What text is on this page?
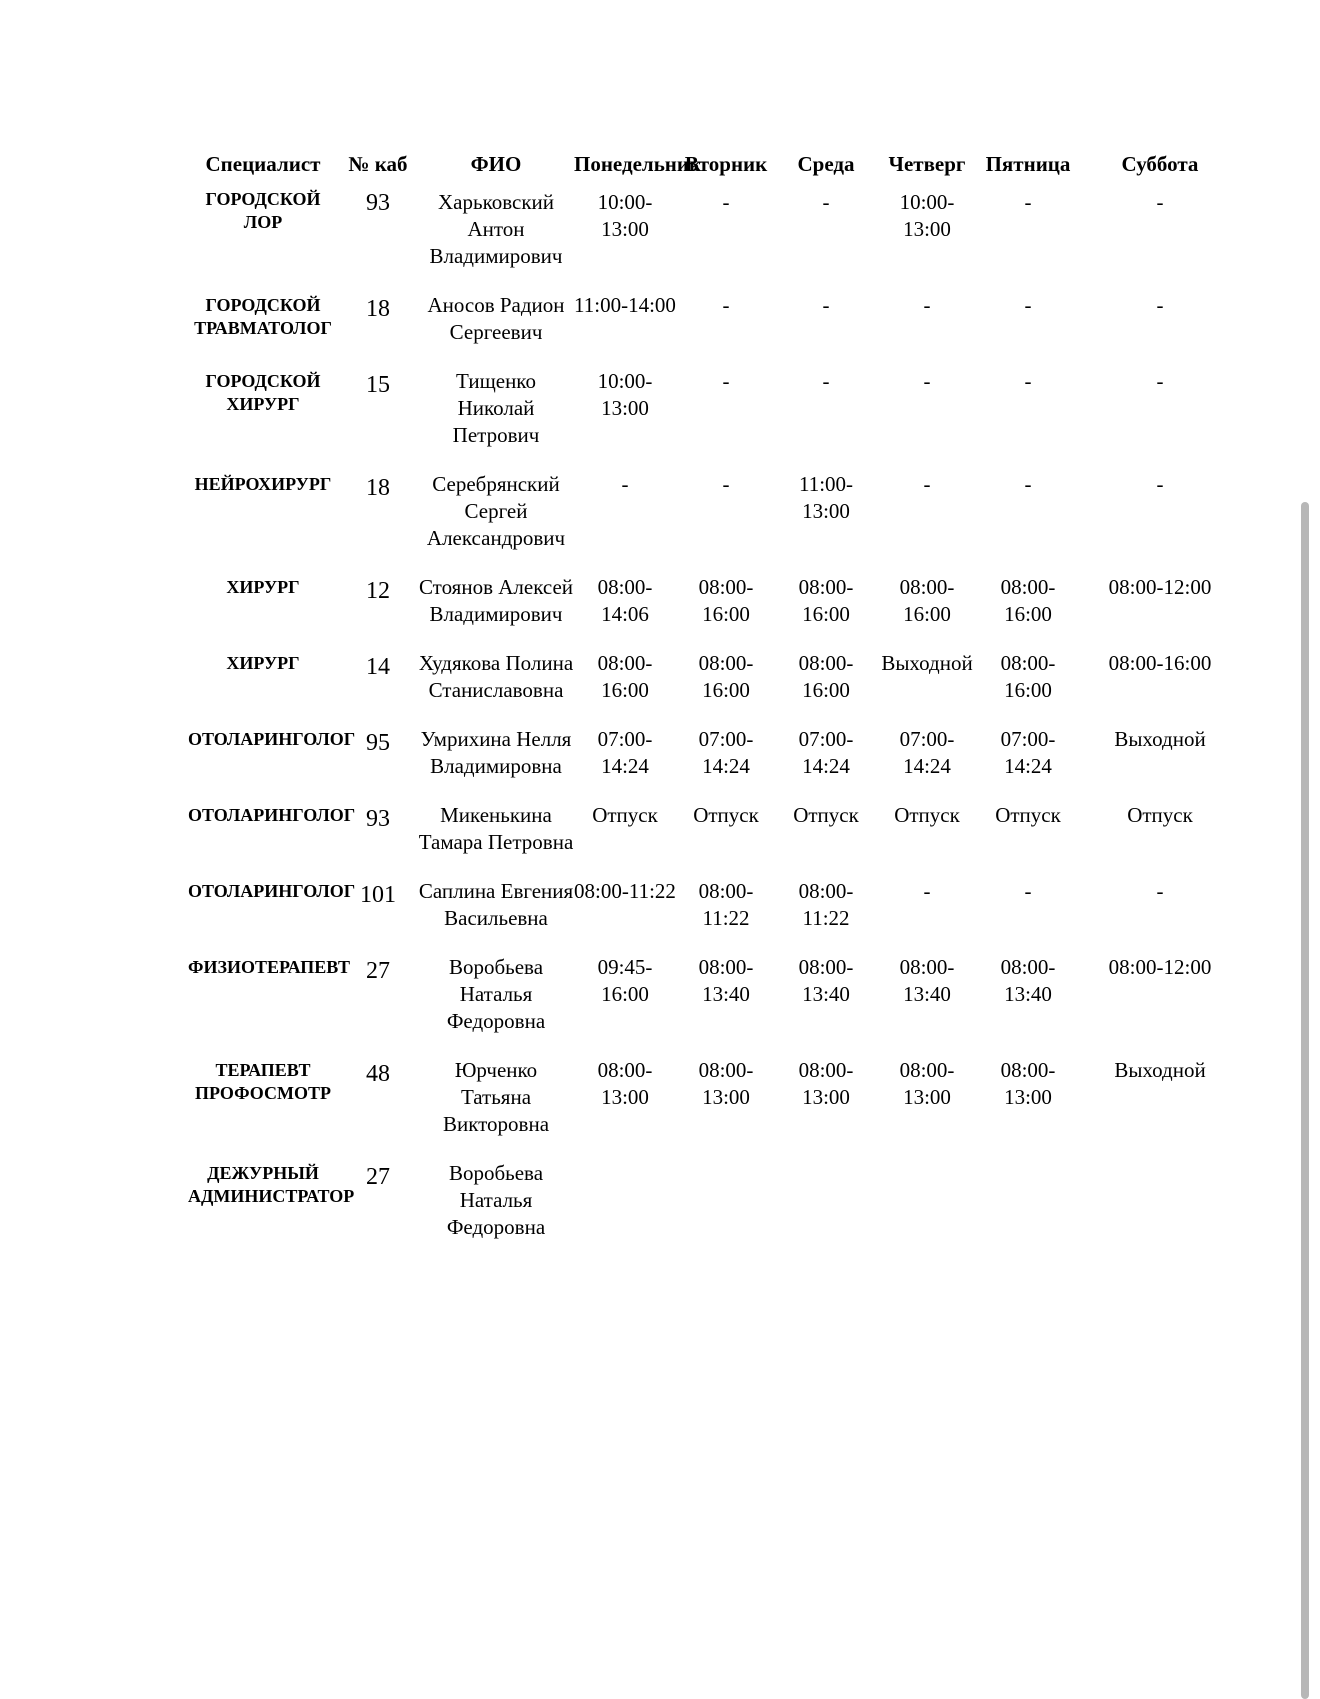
Специалист	№ каб	ФИО	Понедельник	Вторник	Среда	Четверг	Пятница	Суббота
ГОРОДСКОЙ ЛОР	93	Харьковский Антон Владимирович	10:00-13:00	-	-	10:00-13:00	-	-
ГОРОДСКОЙ ТРАВМАТОЛОГ	18	Аносов Радион Сергеевич	11:00-14:00	-	-	-	-	-
ГОРОДСКОЙ ХИРУРГ	15	Тищенко Николай Петрович	10:00-13:00	-	-	-	-	-
НЕЙРОХИРУРГ	18	Серебрянский Сергей Александрович	-	-	11:00-13:00	-	-	-
ХИРУРГ	12	Стоянов Алексей Владимирович	08:00-14:06	08:00-16:00	08:00-16:00	08:00-16:00	08:00-16:00	08:00-12:00
ХИРУРГ	14	Худякова Полина Станиславовна	08:00-16:00	08:00-16:00	08:00-16:00	Выходной	08:00-16:00	08:00-16:00
ОТОЛАРИНГОЛОГ	95	Умрихина Нелля Владимировна	07:00-14:24	07:00-14:24	07:00-14:24	07:00-14:24	07:00-14:24	Выходной
ОТОЛАРИНГОЛОГ	93	Микенькина Тамара Петровна	Отпуск	Отпуск	Отпуск	Отпуск	Отпуск	Отпуск
ОТОЛАРИНГОЛОГ	101	Саплина Евгения Васильевна	08:00-11:22	08:00-11:22	08:00-11:22	-	-	-
ФИЗИОТЕРАПЕВТ	27	Воробьева Наталья Федоровна	09:45-16:00	08:00-13:40	08:00-13:40	08:00-13:40	08:00-13:40	08:00-12:00
ТЕРАПЕВТ ПРОФОСМОТР	48	Юрченко Татьяна Викторовна	08:00-13:00	08:00-13:00	08:00-13:00	08:00-13:00	08:00-13:00	Выходной
ДЕЖУРНЫЙ АДМИНИСТРАТОР	27	Воробьева Наталья Федоровна						
